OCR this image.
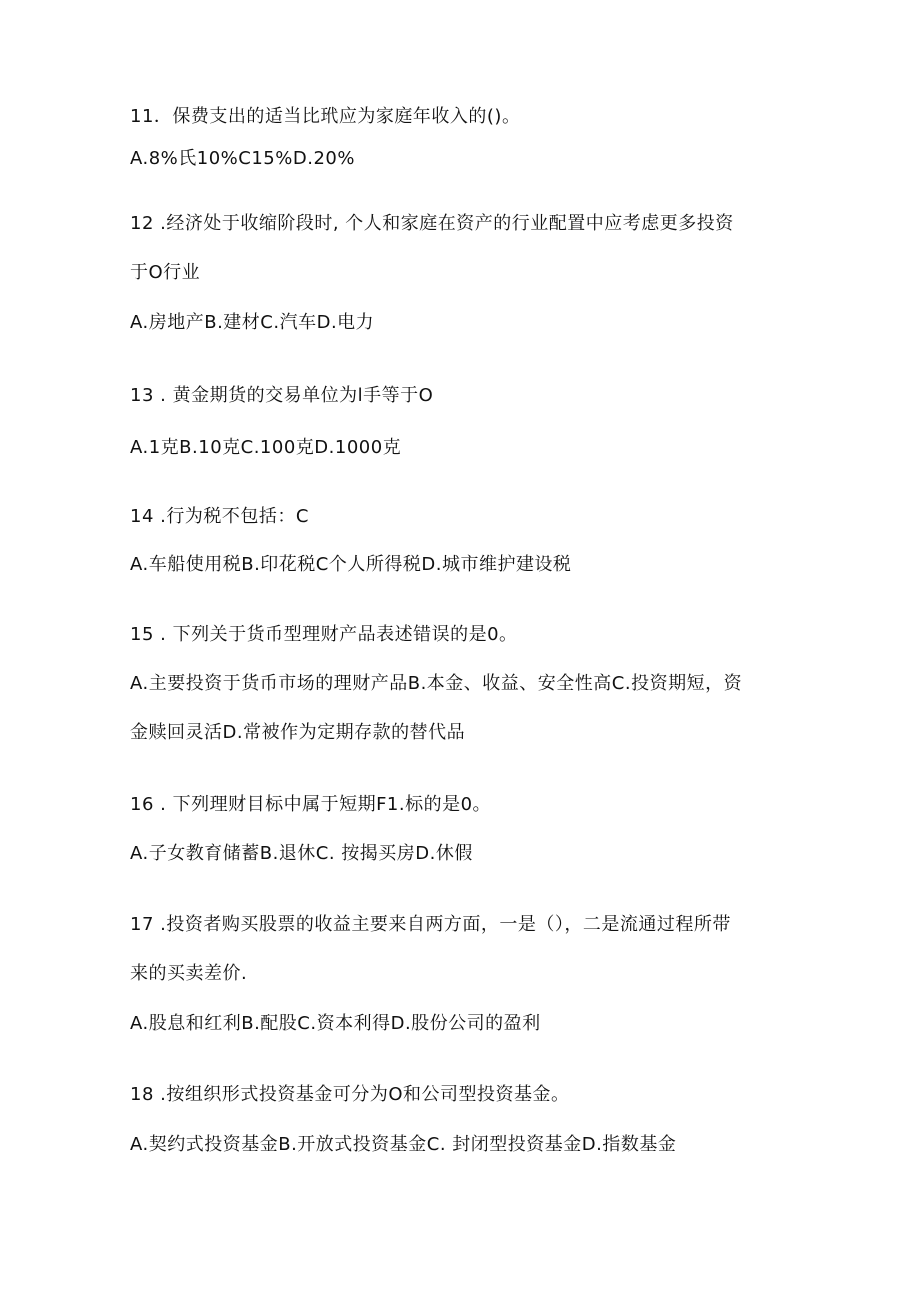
11．保费支出的适当比玳应为家庭年收入的()。
A.8%氏10%C15%D.20%
12 .经济处于收缩阶段时, 个人和家庭在资产的行业配置中应考虑更多投资
于O行业
A.房地产B.建材C.汽车D.电力
13 . 黄金期货的交易单位为l手等于O
A.1克B.10克C.100克D.1000克
14 .行为税不包括：C
A.车船使用税B.印花税C个人所得税D.城市维护建设税
15 . 下列关于货币型理财产品表述错误的是0。
A.主要投资于货币市场的理财产品B.本金、收益、安全性高C.投资期短，资
金赎回灵活D.常被作为定期存款的替代品
16 . 下列理财目标中属于短期F1.标的是0。
A.子女教育储蓄B.退休C. 按揭买房D.休假
17 .投资者购买股票的收益主要来自两方面，一是（），二是流通过程所带
来的买卖差价.
A.股息和红利B.配股C.资本利得D.股份公司的盈利
18 .按组织形式投资基金可分为O和公司型投资基金。
A.契约式投资基金B.开放式投资基金C. 封闭型投资基金D.指数基金
